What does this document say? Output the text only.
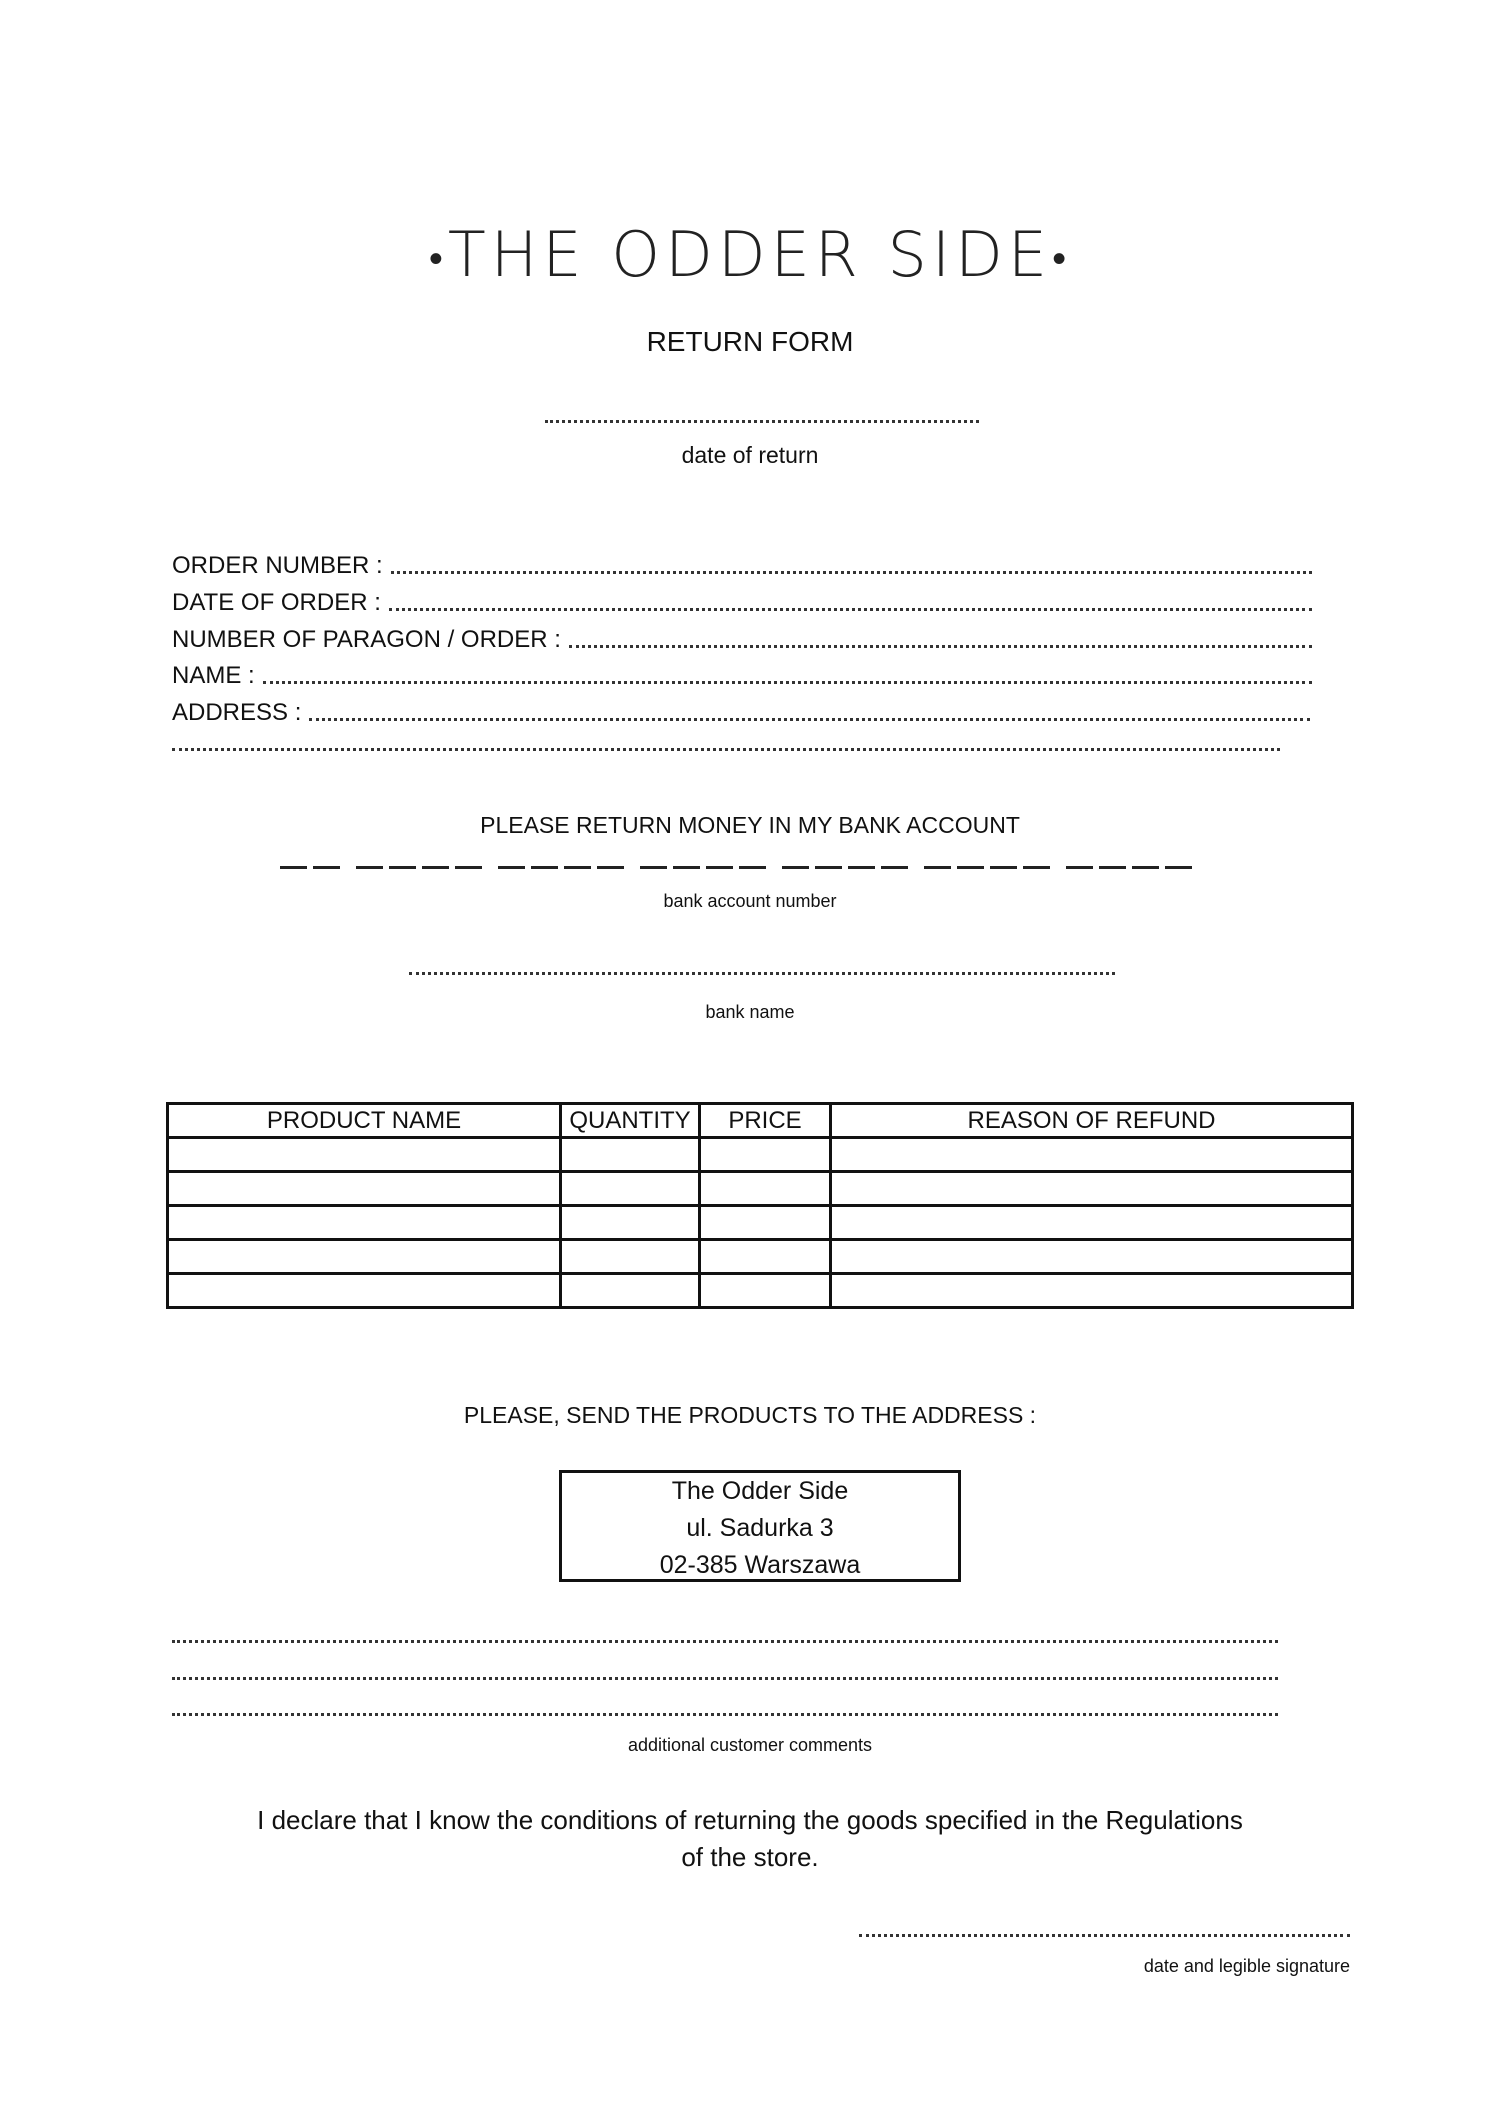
•THE ODDER SIDE•
RETURN FORM
date of return
ORDER NUMBER :
DATE OF ORDER :
NUMBER OF PARAGON / ORDER :
NAME :
ADDRESS :
PLEASE RETURN MONEY IN MY BANK ACCOUNT
bank account number
bank name
PRODUCT NAME	QUANTITY	PRICE	REASON OF REFUND

PLEASE, SEND THE PRODUCTS TO THE ADDRESS :
The Odder Side
ul. Sadurka 3
02-385 Warszawa
additional customer comments
I declare that I know the conditions of returning the goods specified in the Regulations
of the store.
date and legible signature
